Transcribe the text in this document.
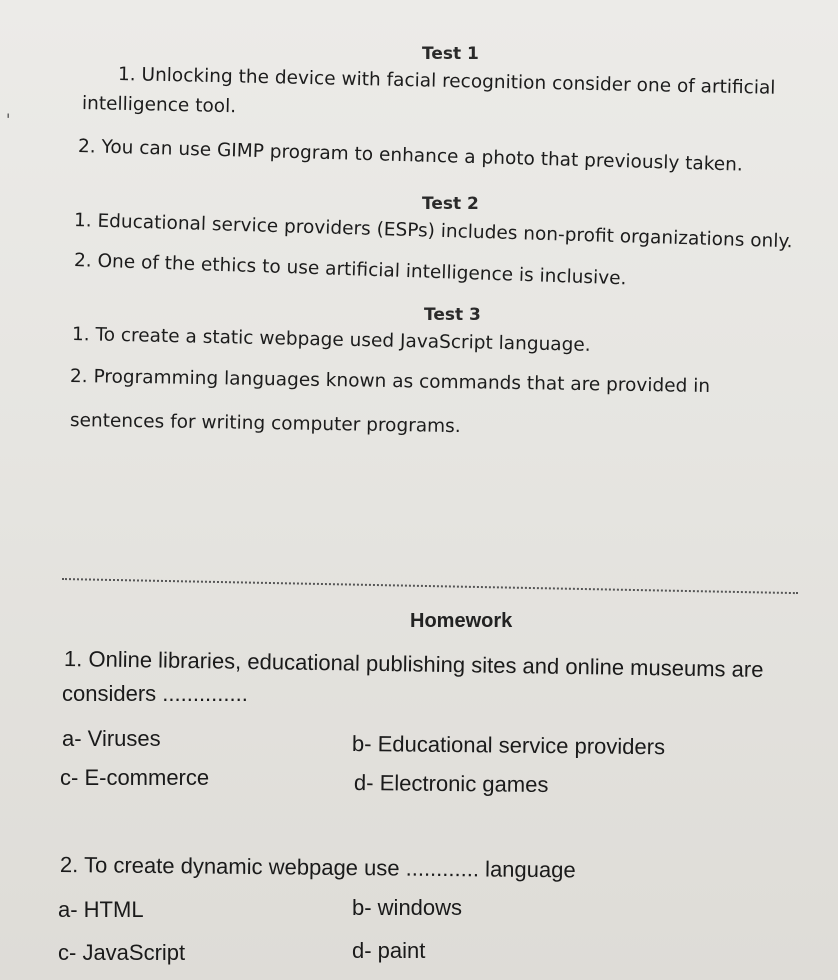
'
Test 1
1. Unlocking the device with facial recognition consider one of artificial
intelligence tool.
2. You can use GIMP program to enhance a photo that previously taken.
Test 2
1. Educational service providers (ESPs) includes non-profit organizations only.
2. One of the ethics to use artificial intelligence is inclusive.
Test 3
1. To create a static webpage used JavaScript language.
2. Programming languages known as commands that are provided in
sentences for writing computer programs.
Homework
1. Online libraries, educational publishing sites and online museums are
considers ..............
a- Viruses	b- Educational service providers
c- E-commerce	d- Electronic games
2. To create dynamic webpage use ............ language
a- HTML	b- windows
c- JavaScript	d- paint
